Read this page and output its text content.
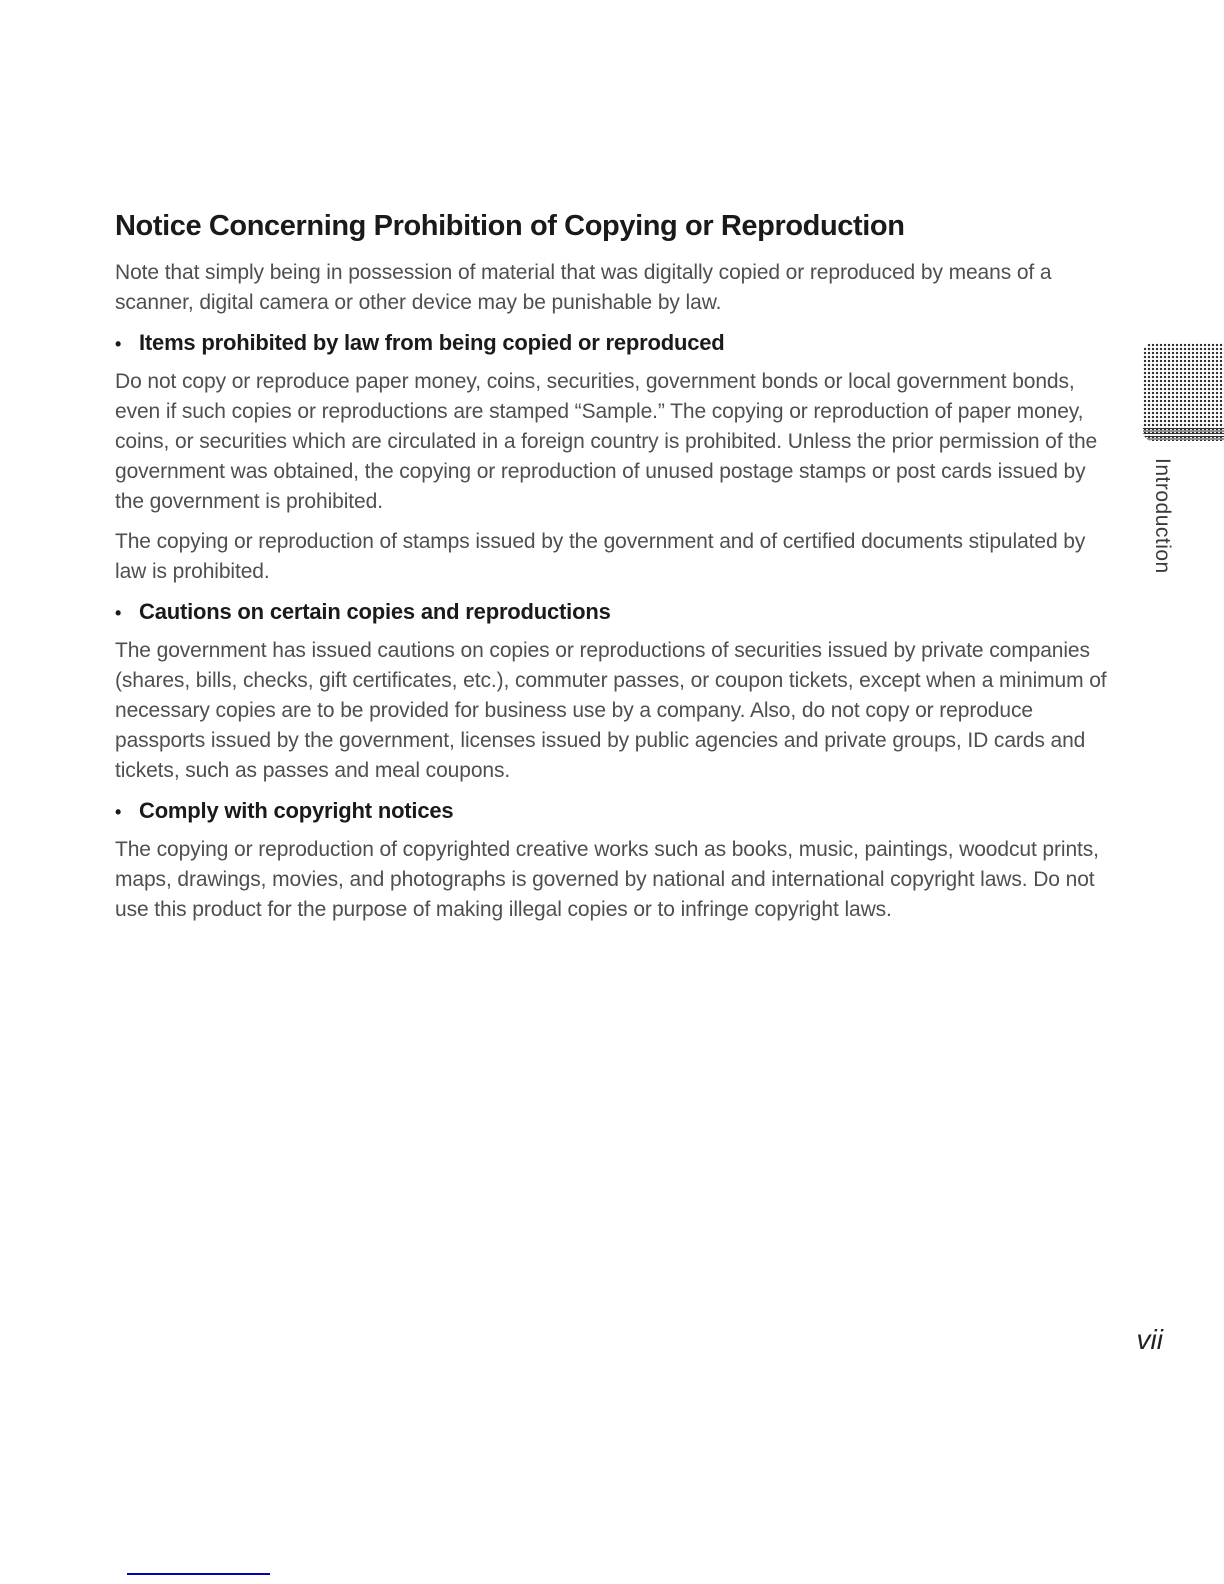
Notice Concerning Prohibition of Copying or Reproduction

Note that simply being in possession of material that was digitally copied or reproduced by means of a scanner, digital camera or other device may be punishable by law.

• Items prohibited by law from being copied or reproduced

Do not copy or reproduce paper money, coins, securities, government bonds or local government bonds, even if such copies or reproductions are stamped “Sample.” The copying or reproduction of paper money, coins, or securities which are circulated in a foreign country is prohibited. Unless the prior permission of the government was obtained, the copying or reproduction of unused postage stamps or post cards issued by the government is prohibited.

The copying or reproduction of stamps issued by the government and of certified documents stipulated by law is prohibited.

• Cautions on certain copies and reproductions

The government has issued cautions on copies or reproductions of securities issued by private companies (shares, bills, checks, gift certificates, etc.), commuter passes, or coupon tickets, except when a minimum of necessary copies are to be provided for business use by a company. Also, do not copy or reproduce passports issued by the government, licenses issued by public agencies and private groups, ID cards and tickets, such as passes and meal coupons.

• Comply with copyright notices

The copying or reproduction of copyrighted creative works such as books, music, paintings, woodcut prints, maps, drawings, movies, and photographs is governed by national and international copyright laws. Do not use this product for the purpose of making illegal copies or to infringe copyright laws.

Introduction
vii
